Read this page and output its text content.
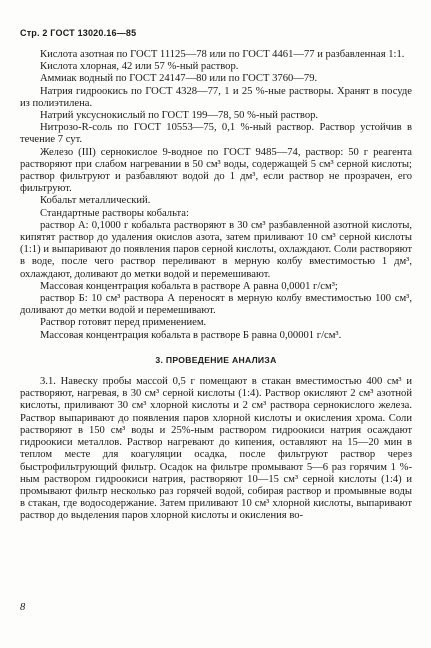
Стр. 2 ГОСТ 13020.16—85

Кислота азотная по ГОСТ 11125—78 или по ГОСТ 4461—77 и разбавленная 1:1.

Кислота хлорная, 42 или 57 %-ный раствор.

Аммиак водный по ГОСТ 24147—80 или по ГОСТ 3760—79.

Натрия гидроокись по ГОСТ 4328—77, 1 и 25 %-ные растворы. Хранят в посуде из полиэтилена.

Натрий уксуснокислый по ГОСТ 199—78, 50 %-ный раствор.

Нитрозо-R-соль по ГОСТ 10553—75, 0,1 %-ный раствор. Раствор устойчив в течение 7 сут.

Железо (III) сернокислое 9-водное по ГОСТ 9485—74, раствор: 50 г реагента растворяют при слабом нагревании в 50 см³ воды, содержащей 5 см³ серной кислоты; раствор фильтруют и разбавляют водой до 1 дм³, если раствор не прозрачен, его фильтруют.

Кобальт металлический.

Стандартные растворы кобальта:

раствор А: 0,1000 г кобальта растворяют в 30 см³ разбавленной азотной кислоты, кипятят раствор до удаления окислов азота, затем приливают 10 см³ серной кислоты (1:1) и выпаривают до появления паров серной кислоты, охлаждают. Соли растворяют в воде, после чего раствор переливают в мерную колбу вместимостью 1 дм³, охлаждают, доливают до метки водой и перемешивают.

Массовая концентрация кобальта в растворе А равна 0,0001 г/см³;

раствор Б: 10 см³ раствора А переносят в мерную колбу вместимостью 100 см³, доливают до метки водой и перемешивают.

Раствор готовят перед применением.

Массовая концентрация кобальта в растворе Б равна 0,00001 г/см³.

3. ПРОВЕДЕНИЕ АНАЛИЗА

3.1. Навеску пробы массой 0,5 г помещают в стакан вместимостью 400 см³ и растворяют, нагревая, в 30 см³ серной кислоты (1:4). Раствор окисляют 2 см³ азотной кислоты, приливают 30 см³ хлорной кислоты и 2 см³ раствора сернокислого железа. Раствор выпаривают до появления паров хлорной кислоты и окисления хрома. Соли растворяют в 150 см³ воды и 25%-ным раствором гидроокиси натрия осаждают гидроокиси металлов. Раствор нагревают до кипения, оставляют на 15—20 мин в теплом месте для коагуляции осадка, после фильтруют раствор через быстрофильтрующий фильтр. Осадок на фильтре промывают 5—6 раз горячим 1 %-ным раствором гидроокиси натрия, растворяют 10—15 см³ серной кислоты (1:4) и промывают фильтр несколько раз горячей водой, собирая раствор и промывные воды в стакан, где водосодержание. Затем приливают 10 см³ хлорной кислоты, выпаривают раствор до выделения паров хлорной кислоты и окисления во-

8
